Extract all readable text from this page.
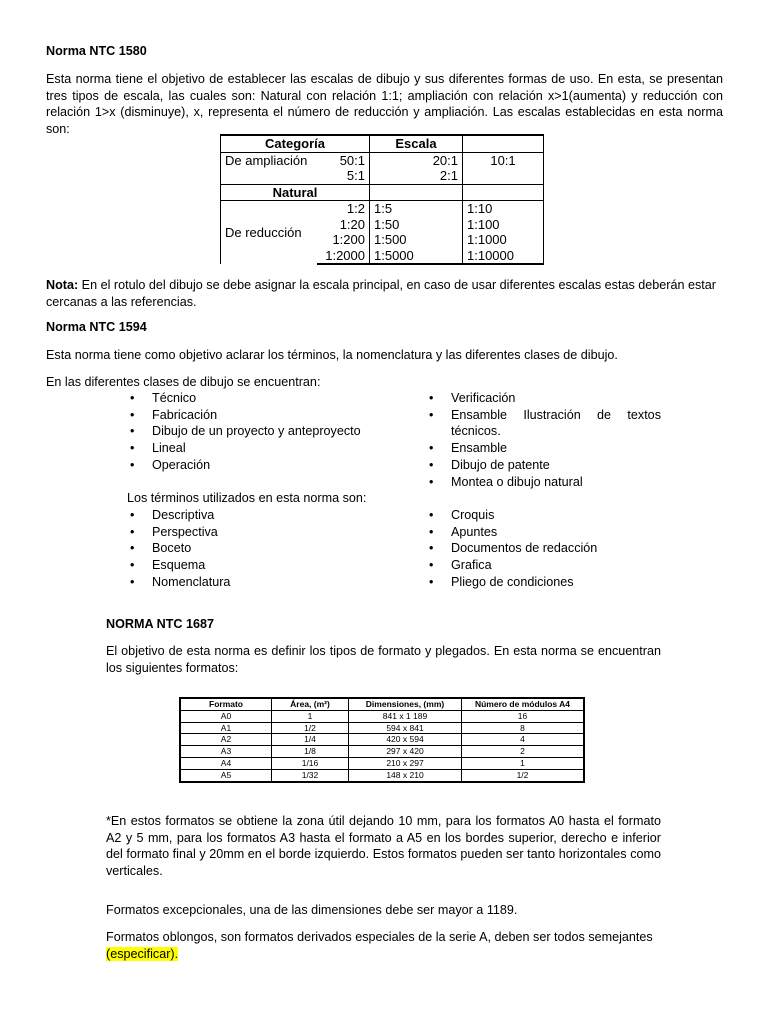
Norma NTC 1580
Esta norma tiene el objetivo de establecer las escalas de dibujo y sus diferentes formas de uso. En esta, se presentan tres tipos de escala, las cuales son: Natural con relación 1:1; ampliación con relación x>1(aumenta) y reducción con relación 1>x (disminuye), x, representa el número de reducción y ampliación. Las escalas establecidas en esta norma son:
Categoría		Escala	
De ampliación	50:1	20:1	10:1
	5:1	2:1	
Natural			
De reducción	1:2	1:5	1:10
	1:20	1:50	1:100
	1:200	1:500	1:1000
	1:2000	1:5000	1:10000
Nota: En el rotulo del dibujo se debe asignar la escala principal, en caso de usar diferentes escalas estas deberán estar cercanas a las referencias.
Norma NTC 1594
Esta norma tiene como objetivo aclarar los términos, la nomenclatura y las diferentes clases de dibujo.
En las diferentes clases de dibujo se encuentran:
• Técnico
• Fabricación
• Dibujo de un proyecto y anteproyecto
• Lineal
• Operación
• Verificación
• Ensamble Ilustración de textos técnicos.
• Ensamble
• Dibujo de patente
• Montea o dibujo natural
Los términos utilizados en esta norma son:
• Descriptiva
• Perspectiva
• Boceto
• Esquema
• Nomenclatura
• Croquis
• Apuntes
• Documentos de redacción
• Grafica
• Pliego de condiciones
NORMA NTC 1687
El objetivo de esta norma es definir los tipos de formato y plegados. En esta norma se encuentran los siguientes formatos:
Formato	Área, (m²)	Dimensiones, (mm)	Número de módulos A4
A0	1	841 x 1 189	16
A1	1/2	594 x 841	8
A2	1/4	420 x 594	4
A3	1/8	297 x 420	2
A4	1/16	210 x 297	1
A5	1/32	148 x 210	1/2
*En estos formatos se obtiene la zona útil dejando 10 mm, para los formatos A0 hasta el formato A2 y 5 mm, para los formatos A3 hasta el formato a A5 en los bordes superior, derecho e inferior del formato final y 20mm en el borde izquierdo. Estos formatos pueden ser tanto horizontales como verticales.
Formatos excepcionales, una de las dimensiones debe ser mayor a 1189.
Formatos oblongos, son formatos derivados especiales de la serie A, deben ser todos semejantes (especificar).
